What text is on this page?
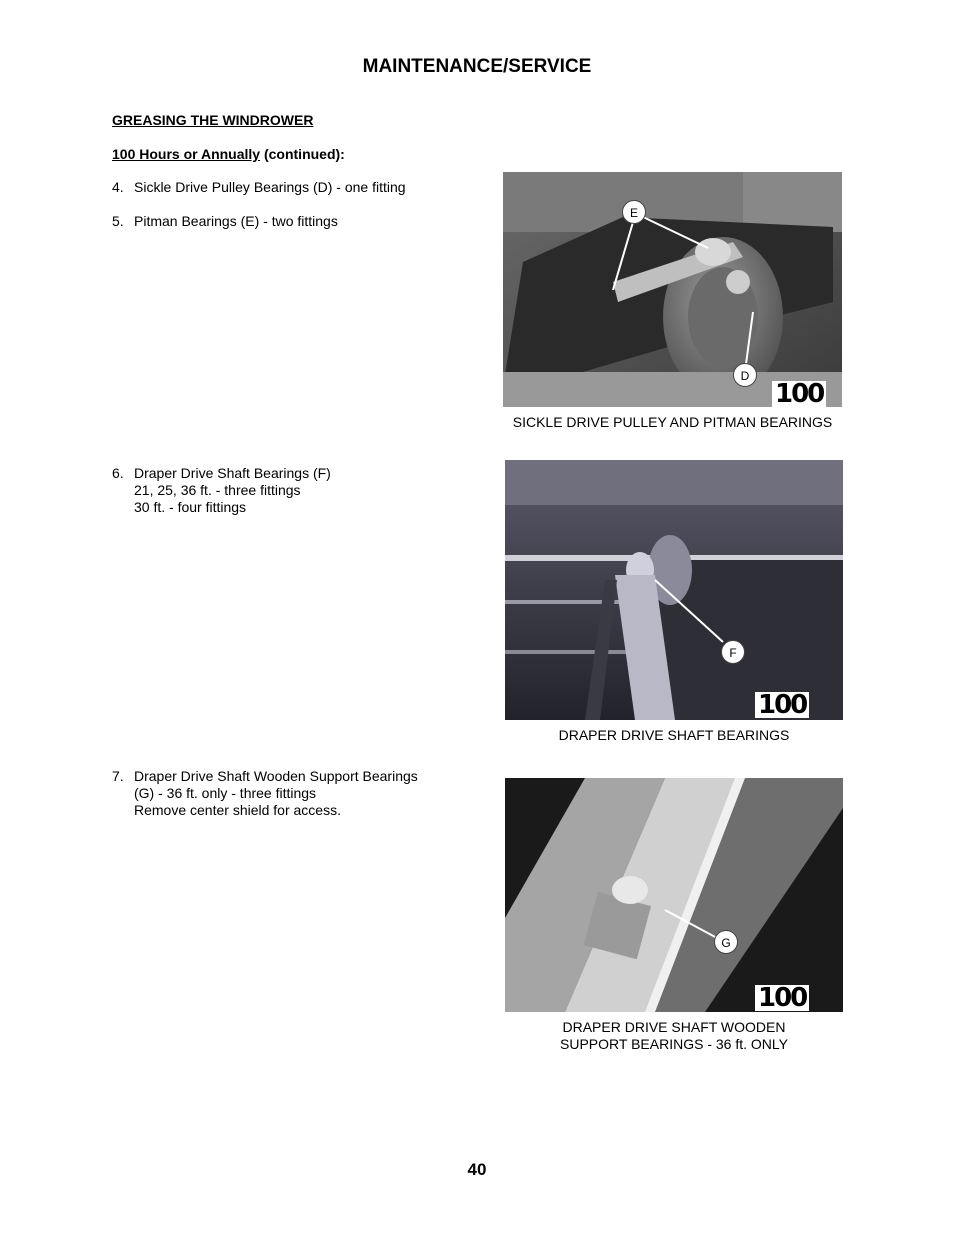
MAINTENANCE/SERVICE
GREASING THE WINDROWER
100 Hours or Annually (continued):
4. Sickle Drive Pulley Bearings (D) - one fitting
5. Pitman Bearings (E) - two fittings
6. Draper Drive Shaft Bearings (F)
21, 25, 36 ft. - three fittings
30 ft. - four fittings
7. Draper Drive Shaft Wooden Support Bearings
(G) - 36 ft. only - three fittings
Remove center shield for access.
E
D
100
SICKLE DRIVE PULLEY AND PITMAN BEARINGS
F
100
DRAPER DRIVE SHAFT BEARINGS
G
100
DRAPER DRIVE SHAFT WOODEN
SUPPORT BEARINGS - 36 ft. ONLY
40
